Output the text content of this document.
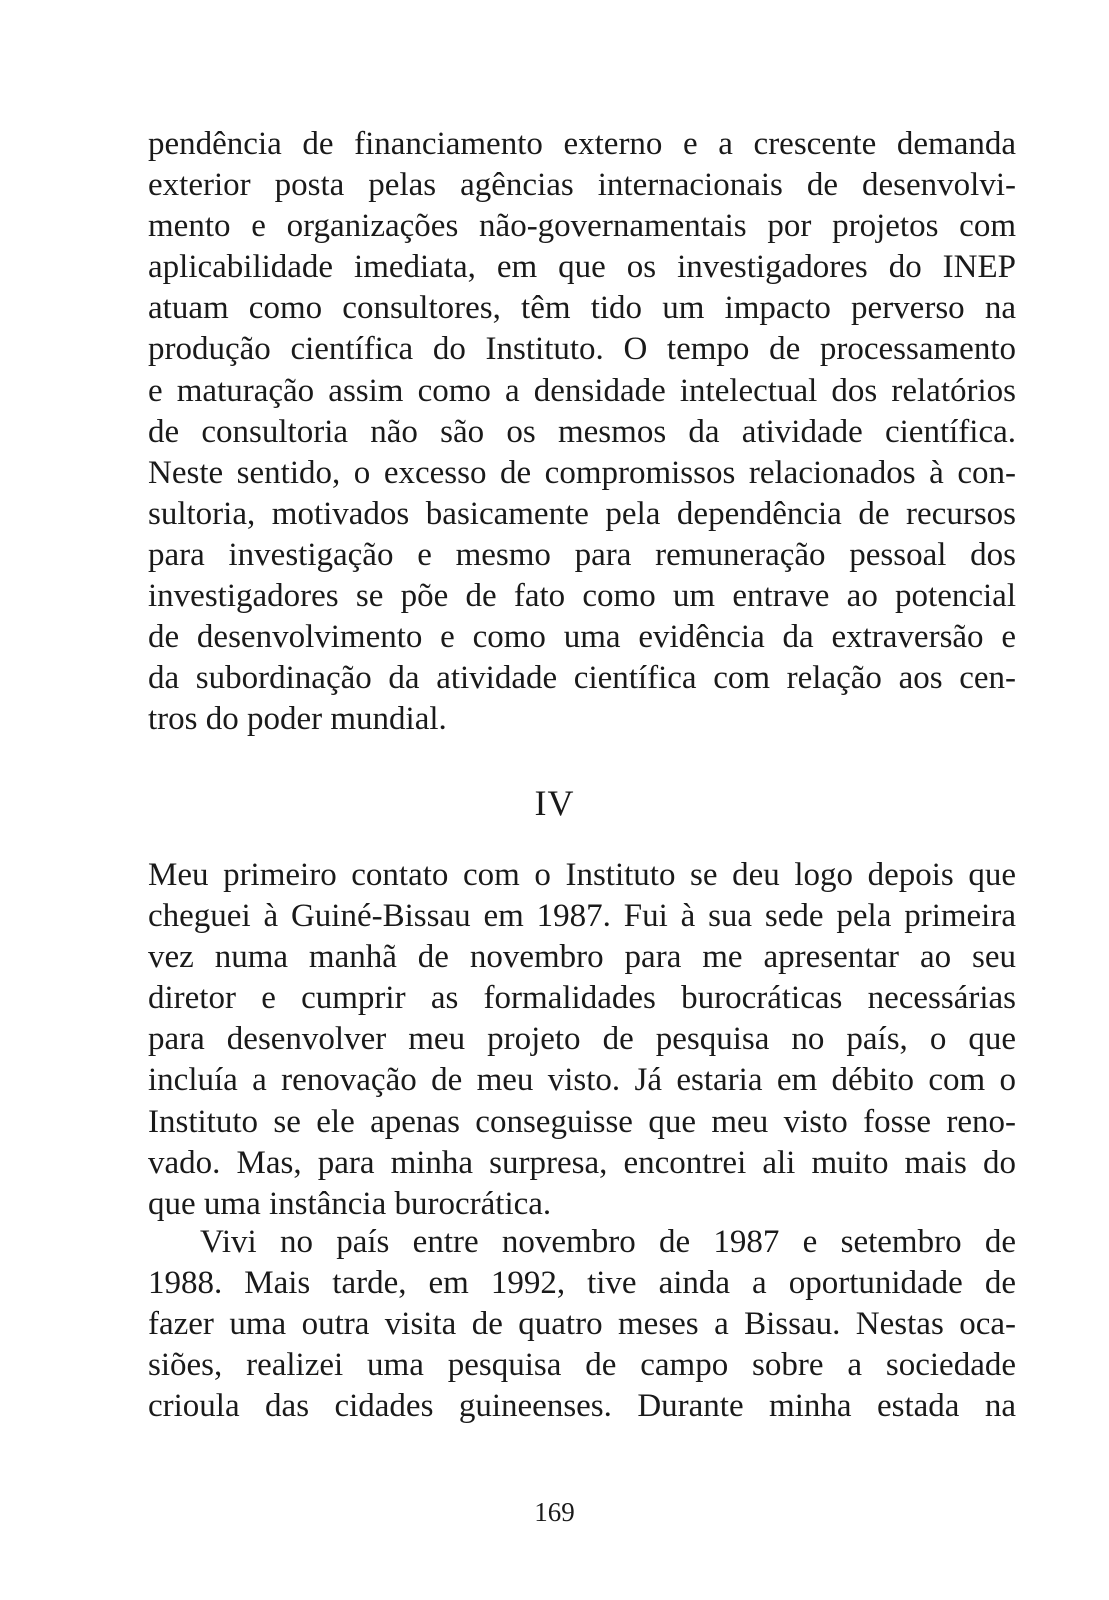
pendência de financiamento externo e a crescente demanda
exterior posta pelas agências internacionais de desenvolvi-
mento e organizações não-governamentais por projetos com
aplicabilidade imediata, em que os investigadores do INEP
atuam como consultores, têm tido um impacto perverso na
produção científica do Instituto. O tempo de processamento
e maturação assim como a densidade intelectual dos relatórios
de consultoria não são os mesmos da atividade científica.
Neste sentido, o excesso de compromissos relacionados à con-
sultoria, motivados basicamente pela dependência de recursos
para investigação e mesmo para remuneração pessoal dos
investigadores se põe de fato como um entrave ao potencial
de desenvolvimento e como uma evidência da extraversão e
da subordinação da atividade científica com relação aos cen-
tros do poder mundial.
IV
Meu primeiro contato com o Instituto se deu logo depois que
cheguei à Guiné-Bissau em 1987. Fui à sua sede pela primeira
vez numa manhã de novembro para me apresentar ao seu
diretor e cumprir as formalidades burocráticas necessárias
para desenvolver meu projeto de pesquisa no país, o que
incluía a renovação de meu visto. Já estaria em débito com o
Instituto se ele apenas conseguisse que meu visto fosse reno-
vado. Mas, para minha surpresa, encontrei ali muito mais do
que uma instância burocrática.
Vivi no país entre novembro de 1987 e setembro de
1988. Mais tarde, em 1992, tive ainda a oportunidade de
fazer uma outra visita de quatro meses a Bissau. Nestas oca-
siões, realizei uma pesquisa de campo sobre a sociedade
crioula das cidades guineenses. Durante minha estada na
169
